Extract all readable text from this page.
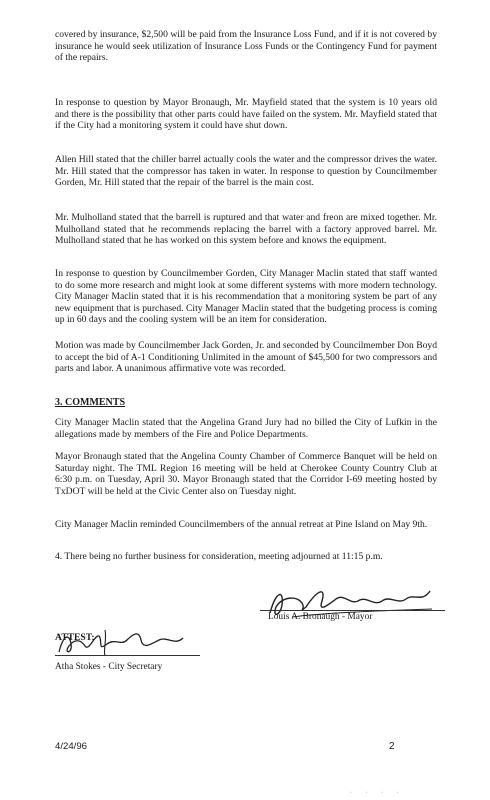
covered by insurance, $2,500 will be paid from the Insurance Loss Fund, and if it is not covered by insurance he would seek utilization of Insurance Loss Funds or the Contingency Fund for payment of the repairs.

In response to question by Mayor Bronaugh, Mr. Mayfield stated that the system is 10 years old and there is the possibility that other parts could have failed on the system. Mr. Mayfield stated that if the City had a monitoring system it could have shut down.

Allen Hill stated that the chiller barrel actually cools the water and the compressor drives the water. Mr. Hill stated that the compressor has taken in water. In response to question by Councilmember Gorden, Mr. Hill stated that the repair of the barrel is the main cost.

Mr. Mulholland stated that the barrell is ruptured and that water and freon are mixed together. Mr. Mulholland stated that he recommends replacing the barrel with a factory approved barrel. Mr. Mulholland stated that he has worked on this system before and knows the equipment.

In response to question by Councilmember Gorden, City Manager Maclin stated that staff wanted to do some more research and might look at some different systems with more modern technology. City Manager Maclin stated that it is his recommendation that a monitoring system be part of any new equipment that is purchased. City Manager Maclin stated that the budgeting process is coming up in 60 days and the cooling system will be an item for consideration.

Motion was made by Councilmember Jack Gorden, Jr. and seconded by Councilmember Don Boyd to accept the bid of A-1 Conditioning Unlimited in the amount of $45,500 for two compressors and parts and labor. A unanimous affirmative vote was recorded.

3. COMMENTS

City Manager Maclin stated that the Angelina Grand Jury had no billed the City of Lufkin in the allegations made by members of the Fire and Police Departments.

Mayor Bronaugh stated that the Angelina County Chamber of Commerce Banquet will be held on Saturday night. The TML Region 16 meeting will be held at Cherokee County Country Club at 6:30 p.m. on Tuesday, April 30. Mayor Bronaugh stated that the Corridor I-69 meeting hosted by TxDOT will be held at the Civic Center also on Tuesday night.

City Manager Maclin reminded Councilmembers of the annual retreat at Pine Island on May 9th.

4. There being no further business for consideration, meeting adjourned at 11:15 p.m.

Louis A. Bronaugh - Mayor
ATTEST:
Atha Stokes - City Secretary
4/24/96	2
· · · ·
